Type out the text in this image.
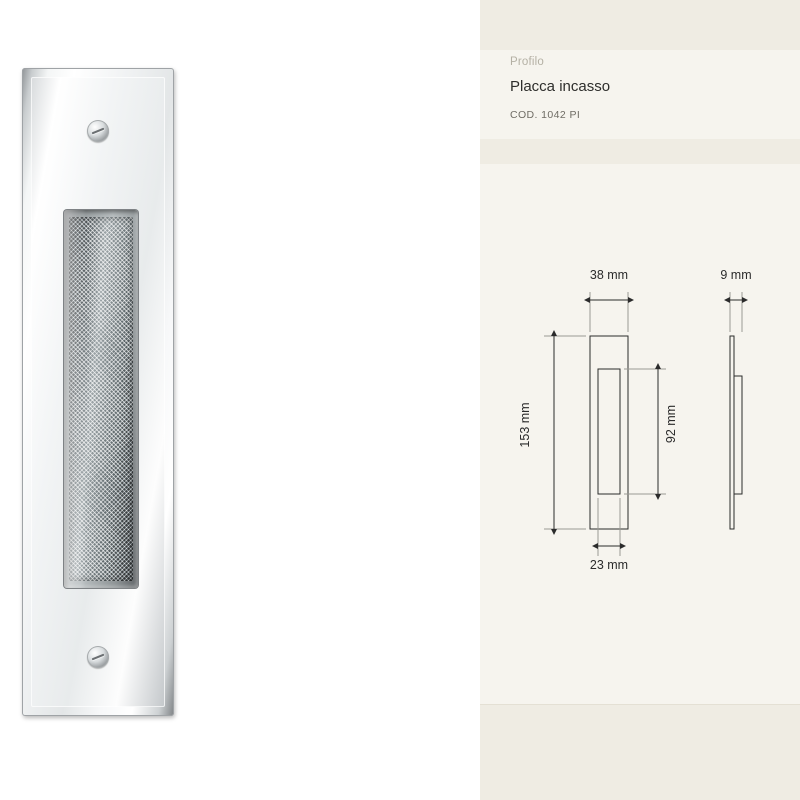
Profilo

Placca incasso

COD. 1042 PI

38 mm
153 mm	92 mm
23 mm
9 mm
